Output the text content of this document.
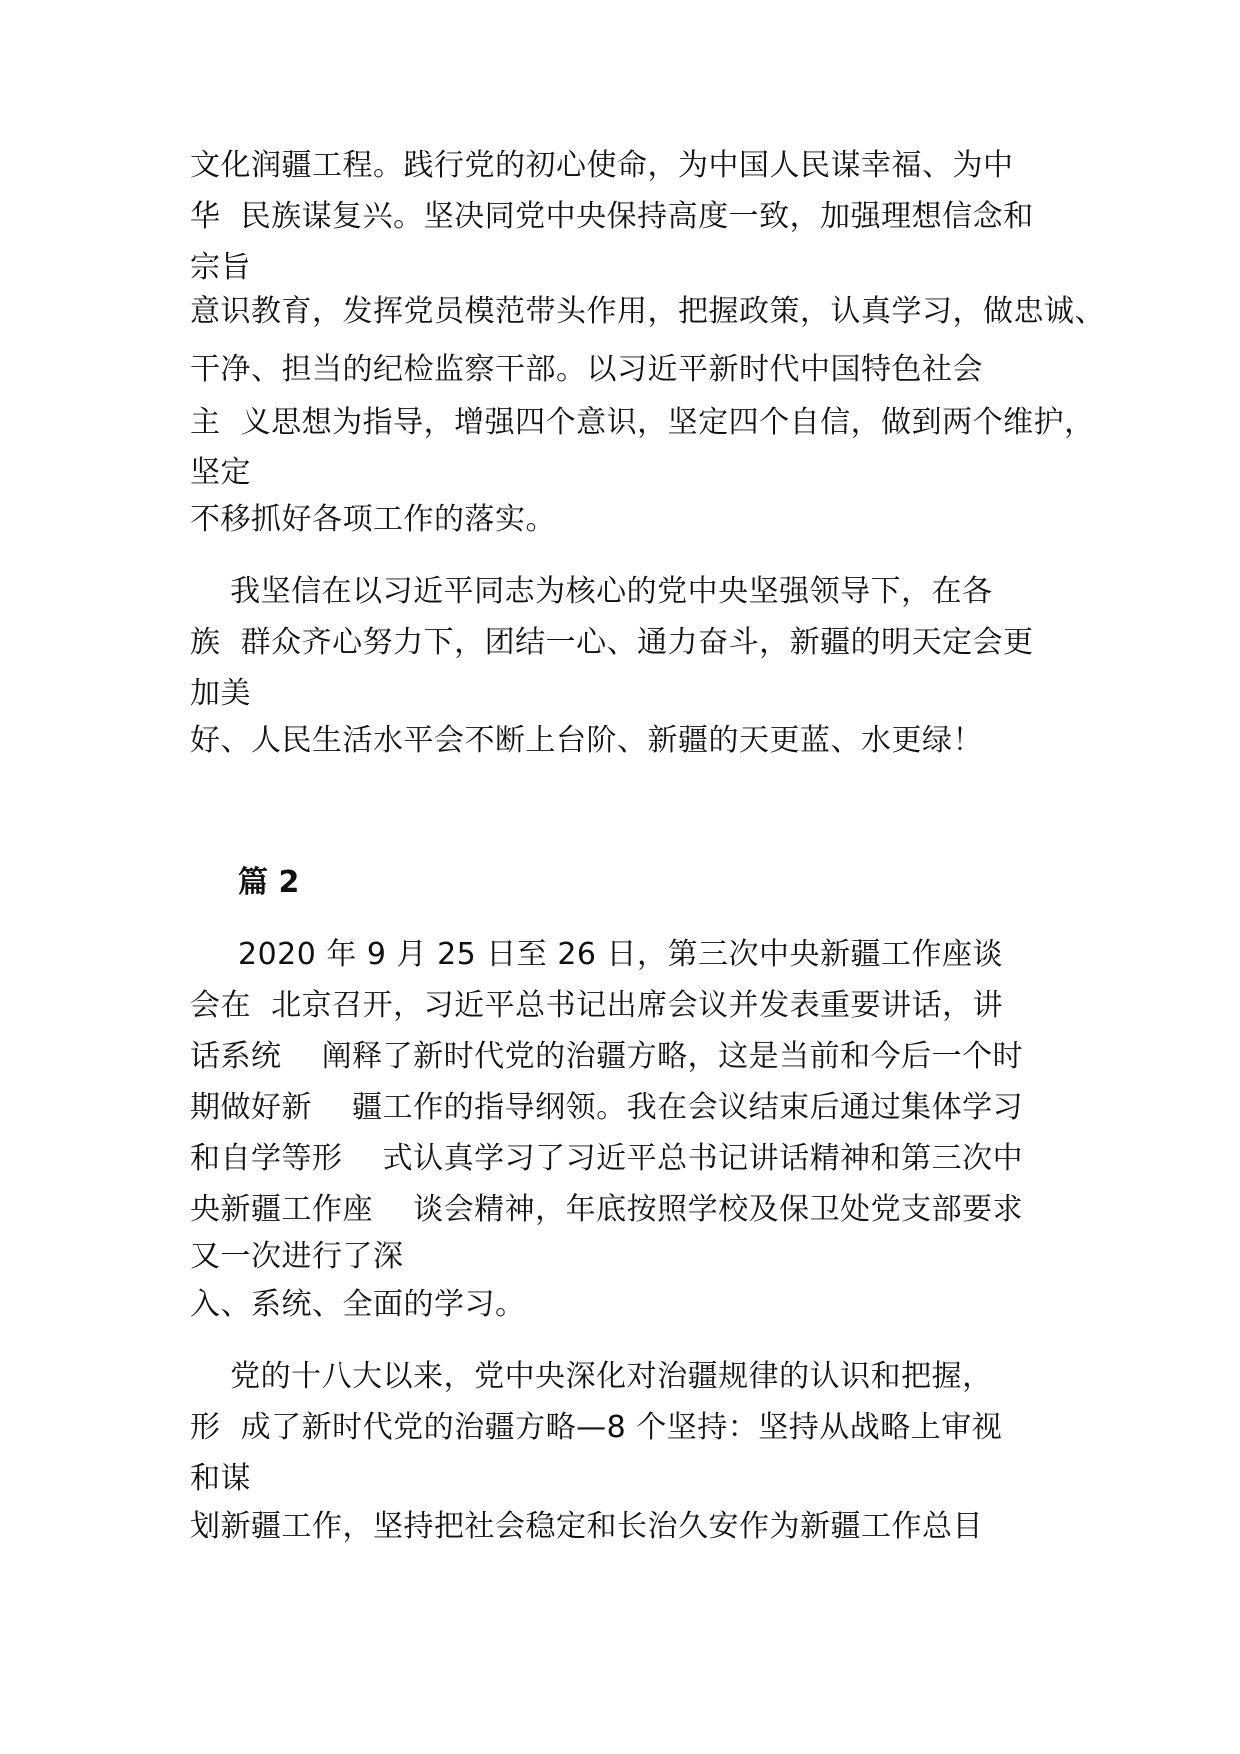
文化润疆工程。践行党的初心使命，为中国人民谋幸福、为中
华  民族谋复兴。坚决同党中央保持高度一致，加强理想信念和
宗旨
意识教育，发挥党员模范带头作用，把握政策，认真学习，做忠诚、
干净、担当的纪检监察干部。以习近平新时代中国特色社会
主  义思想为指导，增强四个意识，坚定四个自信，做到两个维护，
坚定
不移抓好各项工作的落实。
我坚信在以习近平同志为核心的党中央坚强领导下，在各
族  群众齐心努力下，团结一心、通力奋斗，新疆的明天定会更
加美
好、人民生活水平会不断上台阶、新疆的天更蓝、水更绿！
篇 2
2020 年 9 月 25 日至 26 日，第三次中央新疆工作座谈
会在  北京召开，习近平总书记出席会议并发表重要讲话，讲
话系统    阐释了新时代党的治疆方略，这是当前和今后一个时
期做好新    疆工作的指导纲领。我在会议结束后通过集体学习
和自学等形    式认真学习了习近平总书记讲话精神和第三次中
央新疆工作座    谈会精神，年底按照学校及保卫处党支部要求
又一次进行了深
入、系统、全面的学习。
党的十八大以来，党中央深化对治疆规律的认识和把握，
形  成了新时代党的治疆方略—8 个坚持：坚持从战略上审视
和谋
划新疆工作，坚持把社会稳定和长治久安作为新疆工作总目
